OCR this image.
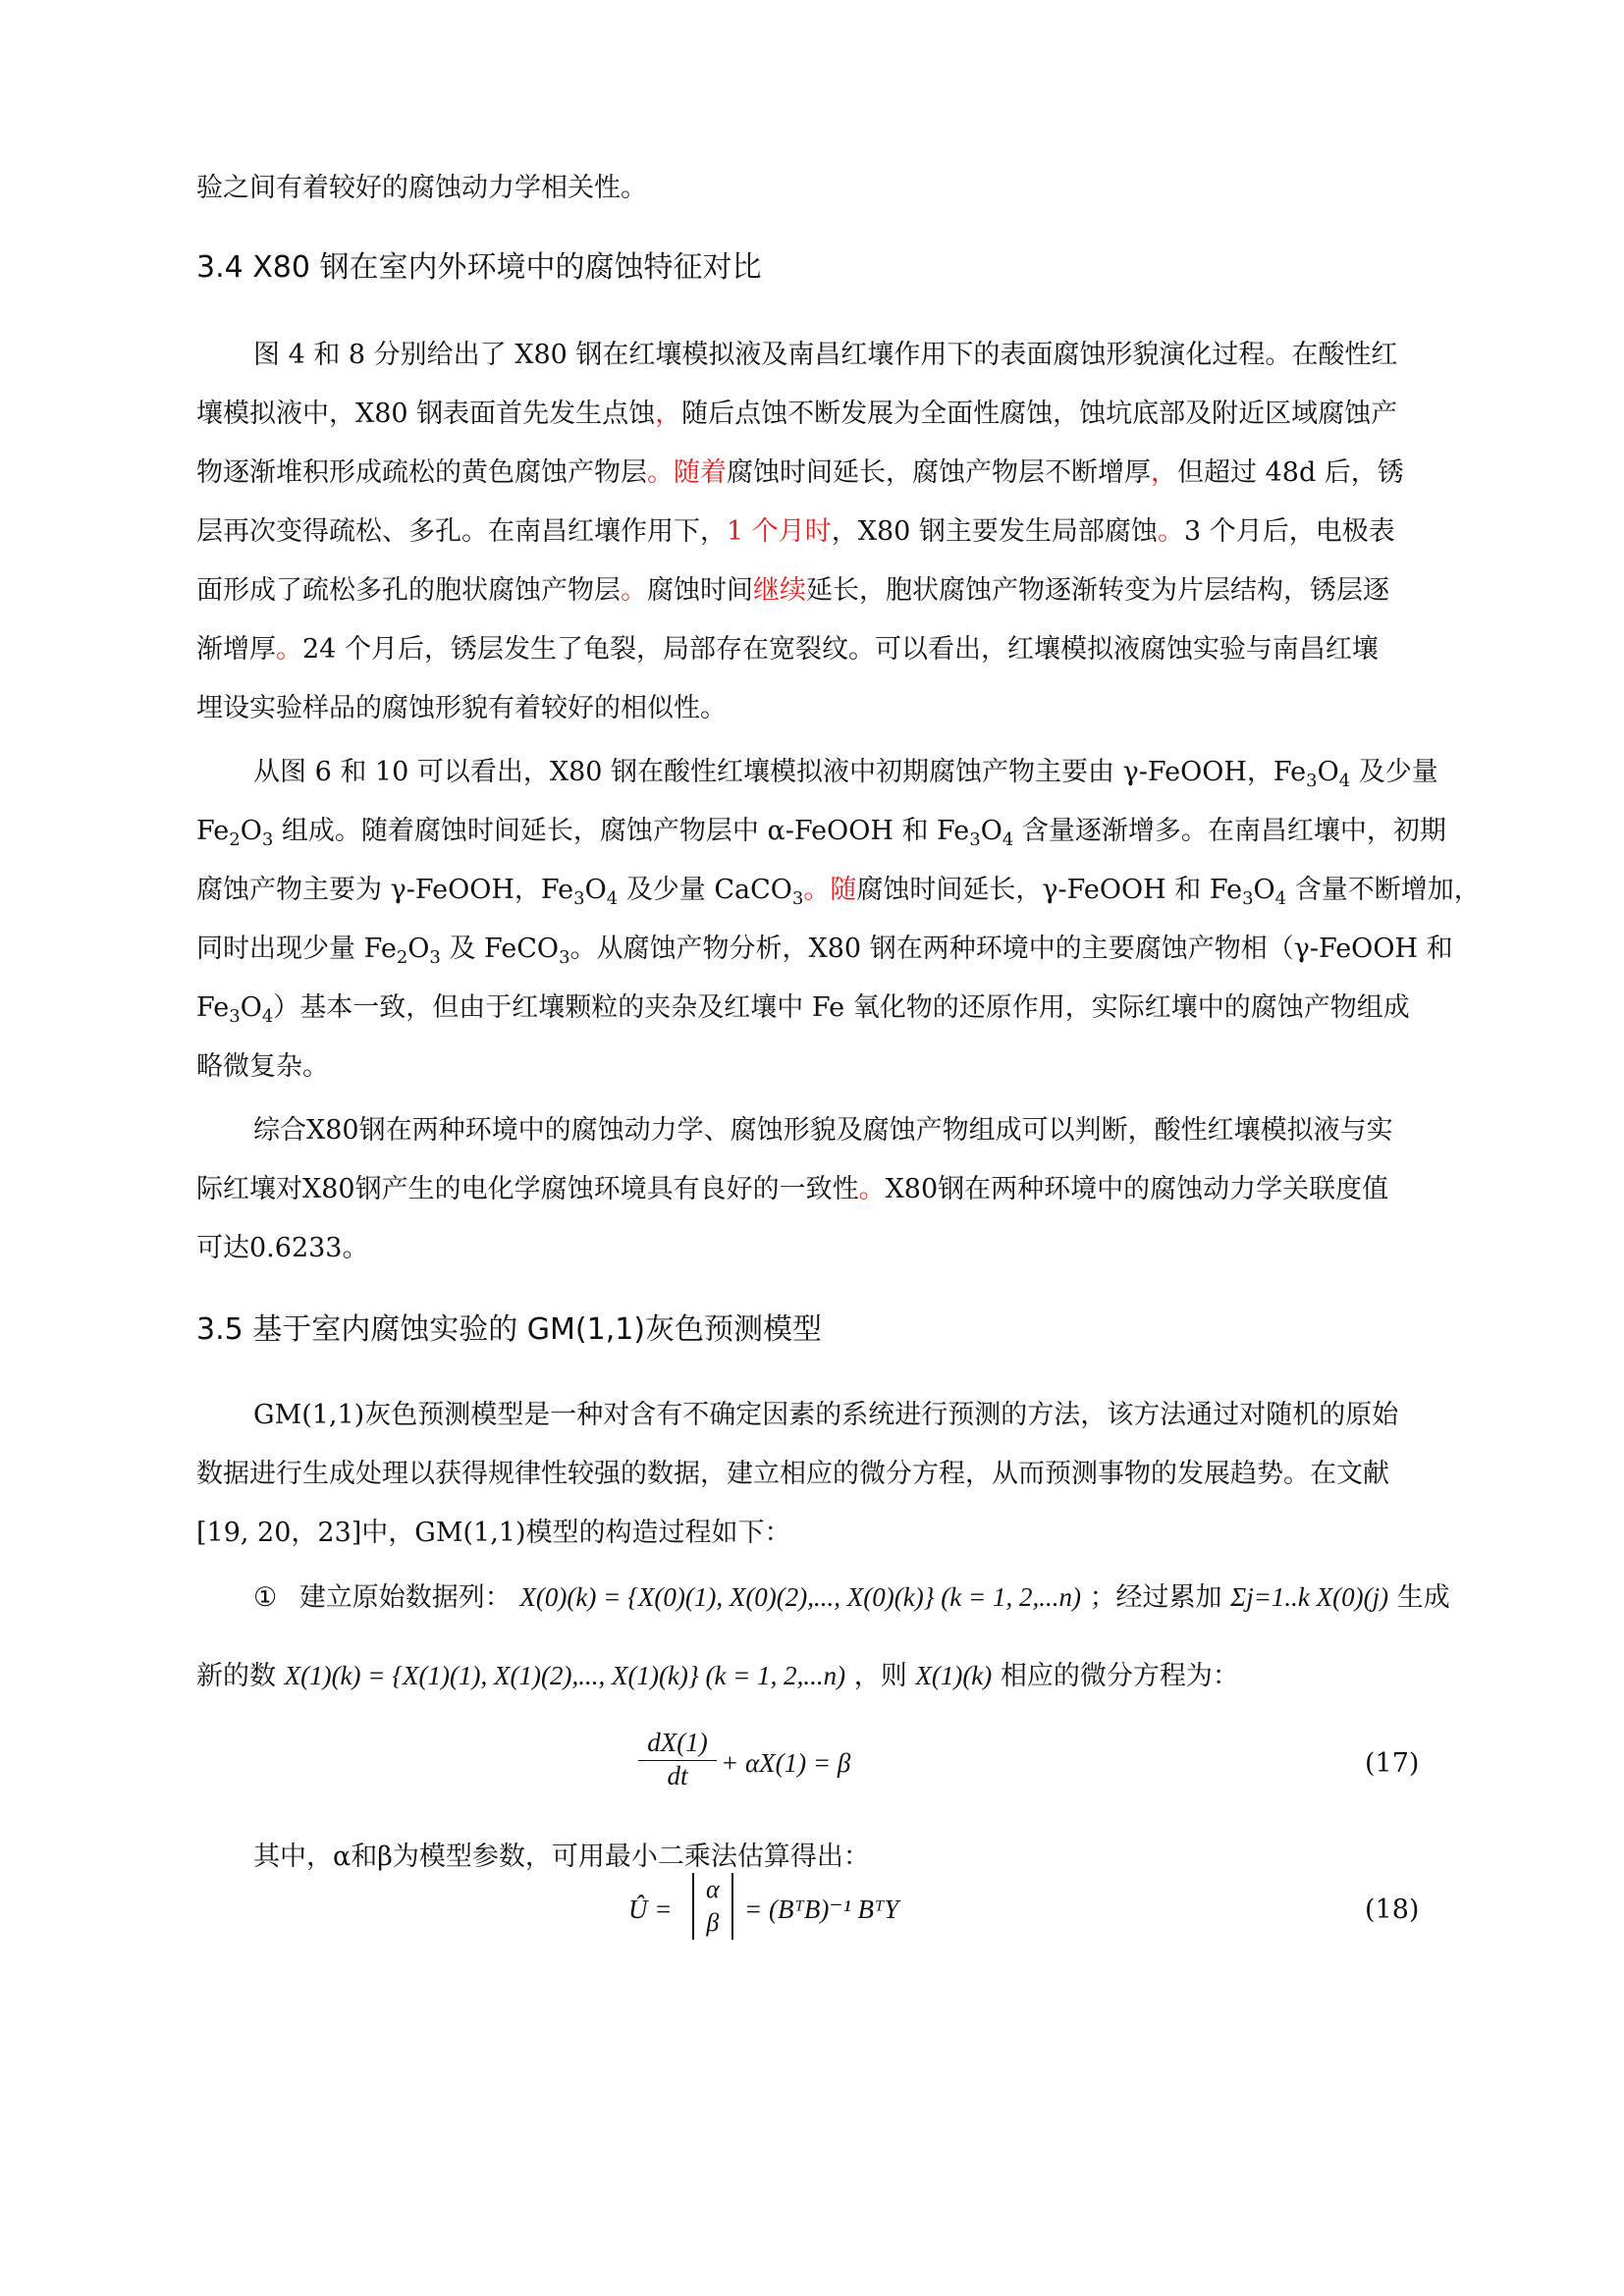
验之间有着较好的腐蚀动力学相关性。
3.4 X80 钢在室内外环境中的腐蚀特征对比
图 4 和 8 分别给出了 X80 钢在红壤模拟液及南昌红壤作用下的表面腐蚀形貌演化过程。在酸性红
壤模拟液中，X80 钢表面首先发生点蚀，随后点蚀不断发展为全面性腐蚀，蚀坑底部及附近区域腐蚀产
物逐渐堆积形成疏松的黄色腐蚀产物层。随着腐蚀时间延长，腐蚀产物层不断增厚，但超过 48d 后，锈
层再次变得疏松、多孔。在南昌红壤作用下，1 个月时，X80 钢主要发生局部腐蚀。3 个月后，电极表
面形成了疏松多孔的胞状腐蚀产物层。腐蚀时间继续延长，胞状腐蚀产物逐渐转变为片层结构，锈层逐
渐增厚。24 个月后，锈层发生了龟裂，局部存在宽裂纹。可以看出，红壤模拟液腐蚀实验与南昌红壤
埋设实验样品的腐蚀形貌有着较好的相似性。
从图 6 和 10 可以看出，X80 钢在酸性红壤模拟液中初期腐蚀产物主要由 γ-FeOOH，$Fe_3O_4$ 及少量
$Fe_2O_3$ 组成。随着腐蚀时间延长，腐蚀产物层中 α-FeOOH 和 $Fe_3O_4$ 含量逐渐增多。在南昌红壤中，初期
腐蚀产物主要为 γ-FeOOH，$Fe_3O_4$ 及少量 CaCO$_3$。随腐蚀时间延长，γ-FeOOH 和 $Fe_3O_4$ 含量不断增加，
同时出现少量 $Fe_2O_3$ 及 FeCO$_3$。从腐蚀产物分析，X80 钢在两种环境中的主要腐蚀产物相（γ-FeOOH 和
$Fe_3O_4$）基本一致，但由于红壤颗粒的夹杂及红壤中 Fe 氧化物的还原作用，实际红壤中的腐蚀产物组成
略微复杂。
综合X80钢在两种环境中的腐蚀动力学、腐蚀形貌及腐蚀产物组成可以判断，酸性红壤模拟液与实
际红壤对X80钢产生的电化学腐蚀环境具有良好的一致性。X80钢在两种环境中的腐蚀动力学关联度值
可达0.6233。
3.5 基于室内腐蚀实验的 GM(1,1)灰色预测模型
GM(1,1)灰色预测模型是一种对含有不确定因素的系统进行预测的方法，该方法通过对随机的原始
数据进行生成处理以获得规律性较强的数据，建立相应的微分方程，从而预测事物的发展趋势。在文献
[19, 20，23]中，GM(1,1)模型的构造过程如下：
① 建立原始数据列： X(0)(k) = {X(0)(1), X(0)(2),..., X(0)(k)} (k = 1, 2,...n) ；经过累加 Σj=1..k X(0)(j) 生成
新的数 X(1)(k) = {X(1)(1), X(1)(2),..., X(1)(k)} (k = 1, 2,...n) ，则 X(1)(k) 相应的微分方程为：
dX(1)
dt	+ αX(1) = β	(17)
其中，α和β为模型参数，可用最小二乘法估算得出：
Û =
α
β = (BᵀB)⁻¹ BᵀY	(18)
